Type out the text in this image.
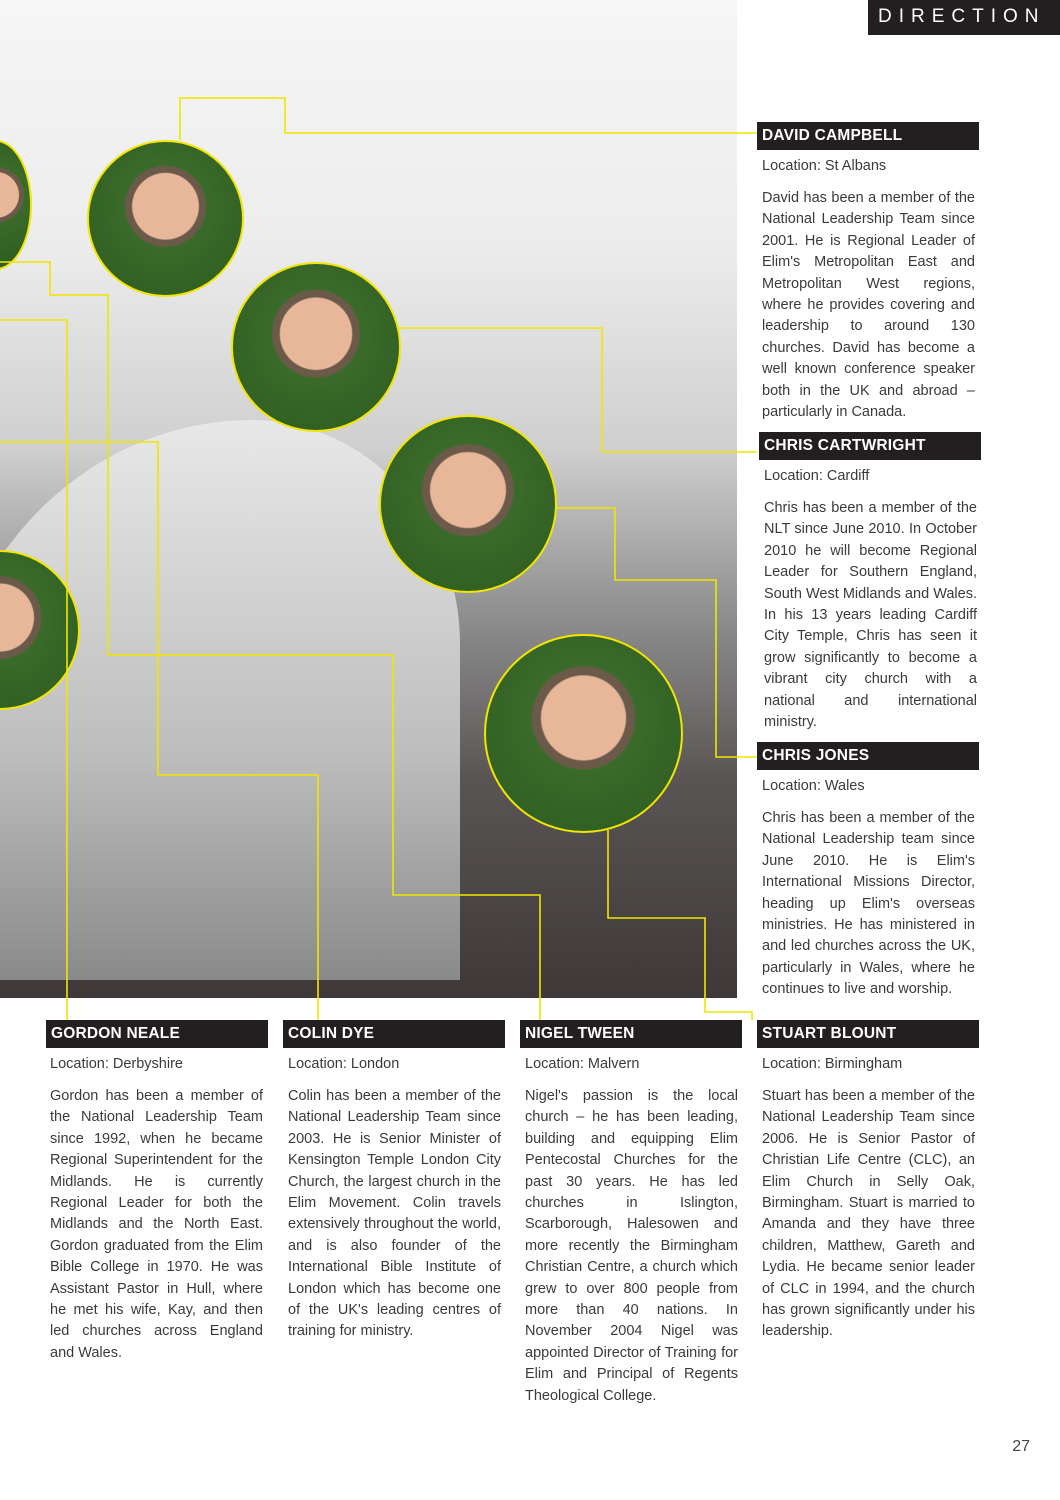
DIRECTION
DAVID CAMPBELL
Location: St Albans

David has been a member of the National Leadership Team since 2001. He is Regional Leader of Elim's Metropolitan East and Metropolitan West regions, where he provides covering and leadership to around 130 churches. David has become a well known conference speaker both in the UK and abroad – particularly in Canada.

CHRIS CARTWRIGHT
Location: Cardiff

Chris has been a member of the NLT since June 2010. In October 2010 he will become Regional Leader for Southern England, South West Midlands and Wales. In his 13 years leading Cardiff City Temple, Chris has seen it grow significantly to become a vibrant city church with a national and international ministry.

CHRIS JONES
Location: Wales

Chris has been a member of the National Leadership team since June 2010. He is Elim's International Missions Director, heading up Elim's overseas ministries. He has ministered in and led churches across the UK, particularly in Wales, where he continues to live and worship.

GORDON NEALE
Location: Derbyshire

Gordon has been a member of the National Leadership Team since 1992, when he became Regional Superintendent for the Midlands. He is currently Regional Leader for both the Midlands and the North East. Gordon graduated from the Elim Bible College in 1970. He was Assistant Pastor in Hull, where he met his wife, Kay, and then led churches across England and Wales.

COLIN DYE
Location: London

Colin has been a member of the National Leadership Team since 2003. He is Senior Minister of Kensington Temple London City Church, the largest church in the Elim Movement. Colin travels extensively throughout the world, and is also founder of the International Bible Institute of London which has become one of the UK's leading centres of training for ministry.

NIGEL TWEEN
Location: Malvern

Nigel's passion is the local church – he has been leading, building and equipping Elim Pentecostal Churches for the past 30 years. He has led churches in Islington, Scarborough, Halesowen and more recently the Birmingham Christian Centre, a church which grew to over 800 people from more than 40 nations. In November 2004 Nigel was appointed Director of Training for Elim and Principal of Regents Theological College.

STUART BLOUNT
Location: Birmingham

Stuart has been a member of the National Leadership Team since 2006. He is Senior Pastor of Christian Life Centre (CLC), an Elim Church in Selly Oak, Birmingham. Stuart is married to Amanda and they have three children, Matthew, Gareth and Lydia. He became senior leader of CLC in 1994, and the church has grown significantly under his leadership.

27
